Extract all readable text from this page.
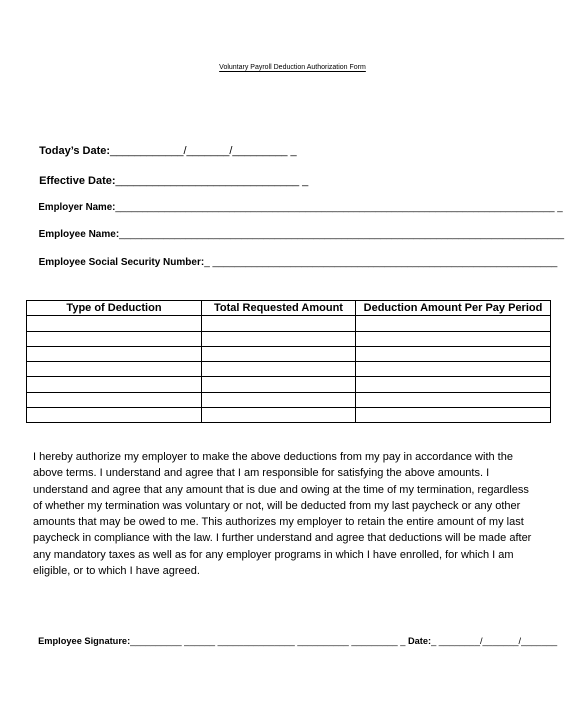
Voluntary Payroll Deduction Authorization Form

Today’s Date:____________/_______/_________ _

Effective Date:______________________________ _

Employer Name:_________________________________________________________________________________ _

Employee Name:________________________________________________________________________________

Employee Social Security Number:_ ______________________________________________________________

Type of Deduction	Total Requested Amount	Deduction Amount Per Pay Period

I hereby authorize my employer to make the above deductions from my pay in accordance with the
above terms. I understand and agree that I am responsible for satisfying the above amounts. I
understand and agree that any amount that is due and owing at the time of my termination, regardless
of whether my termination was voluntary or not, will be deducted from my last paycheck or any other
amounts that may be owed to me. This authorizes my employer to retain the entire amount of my last
paycheck in compliance with the law. I further understand and agree that deductions will be made after
any mandatory taxes as well as for any employer programs in which I have enrolled, for which I am
eligible, or to which I have agreed.

Employee Signature:__________ ______ _______________ __________ _________ _ Date:_ ________/_______/_______
